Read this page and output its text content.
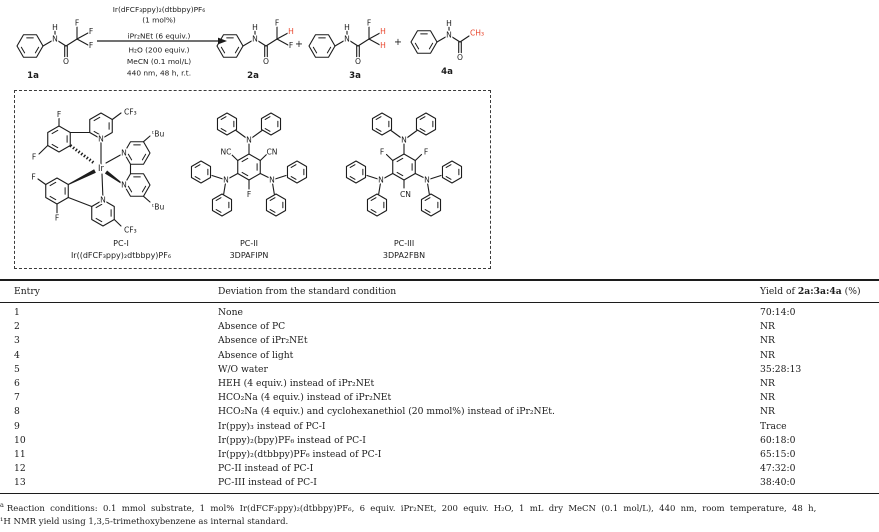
H
N
O
F
F
F
H
N
O
F
H
F
H
N
O
F
H
H
H
N
O
CH₃
Ir(dFCF₃ppy)₂(dtbbpy)PF₆
(1 mol%)
iPr₂NEt (6 equiv.)
H₂O (200 equiv.)
MeCN (0.1 mol/L)
440 nm, 48 h, r.t.
1a	2a	3a	4a
+	+
CF₃
F
F
N
Ir
N
F
F
CF₃
N
N
ᵗBu
ᵗBu
N
NC	CN
N	N
F
N
F	F
N	N
CN
PC-I
Ir((dFCF₃ppy)₂dtbbpy)PF₆
PC-II
3DPAFIPN
PC-III
3DPA2FBN
Entry	Deviation from the standard condition	Yield of 2a:3a:4a (%)
1	None	70:14:0
2	Absence of PC	NR
3	Absence of iPr₂NEt	NR
4	Absence of light	NR
5	W/O water	35:28:13
6	HEH (4 equiv.) instead of iPr₂NEt	NR
7	HCO₂Na (4 equiv.) instead of iPr₂NEt	NR
8	HCO₂Na (4 equiv.) and cyclohexanethiol (20 mmol%) instead of iPr₂NEt.	NR
9	Ir(ppy)₃ instead of PC-I	Trace
10	Ir(ppy)₂(bpy)PF₆ instead of PC-I	60:18:0
11	Ir(ppy)₂(dtbbpy)PF₆ instead of PC-I	65:15:0
12	PC-II instead of PC-I	47:32:0
13	PC-III instead of PC-I	38:40:0
$^a$ Reaction conditions: 0.1 mmol substrate, 1 mol% Ir(dFCF₃ppy)₂(dtbbpy)PF₆, 6 equiv. iPr₂NEt, 200 equiv. H₂O, 1 mL dry MeCN (0.1 mol/L), 440 nm, room temperature, 48 h,
¹H NMR yield using 1,3,5-trimethoxybenzene as internal standard.
